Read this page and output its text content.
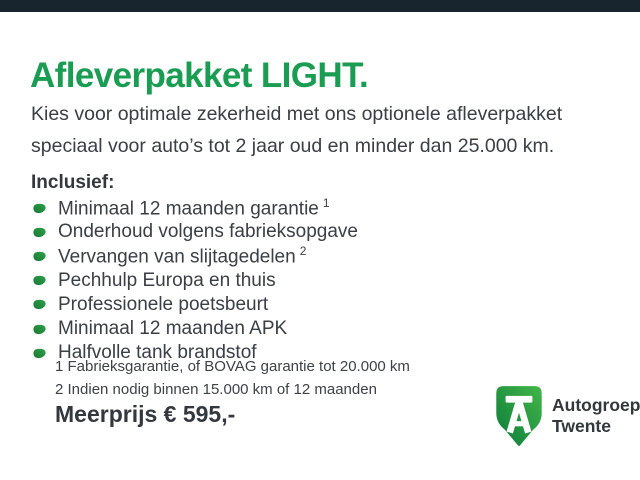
Afleverpakket LIGHT.
Kies voor optimale zekerheid met ons optionele afleverpakket
speciaal voor auto’s tot 2 jaar oud en minder dan 25.000 km.
Inclusief:
Minimaal 12 maanden garantie $^1$
Onderhoud volgens fabrieksopgave
Vervangen van slijtagedelen $^2$
Pechhulp Europa en thuis
Professionele poetsbeurt
Minimaal 12 maanden APK
Halfvolle tank brandstof
1 Fabrieksgarantie, of BOVAG garantie tot 20.000 km
2 Indien nodig binnen 15.000 km of 12 maanden
Meerprijs € 595,-	Autogroep
Twente
